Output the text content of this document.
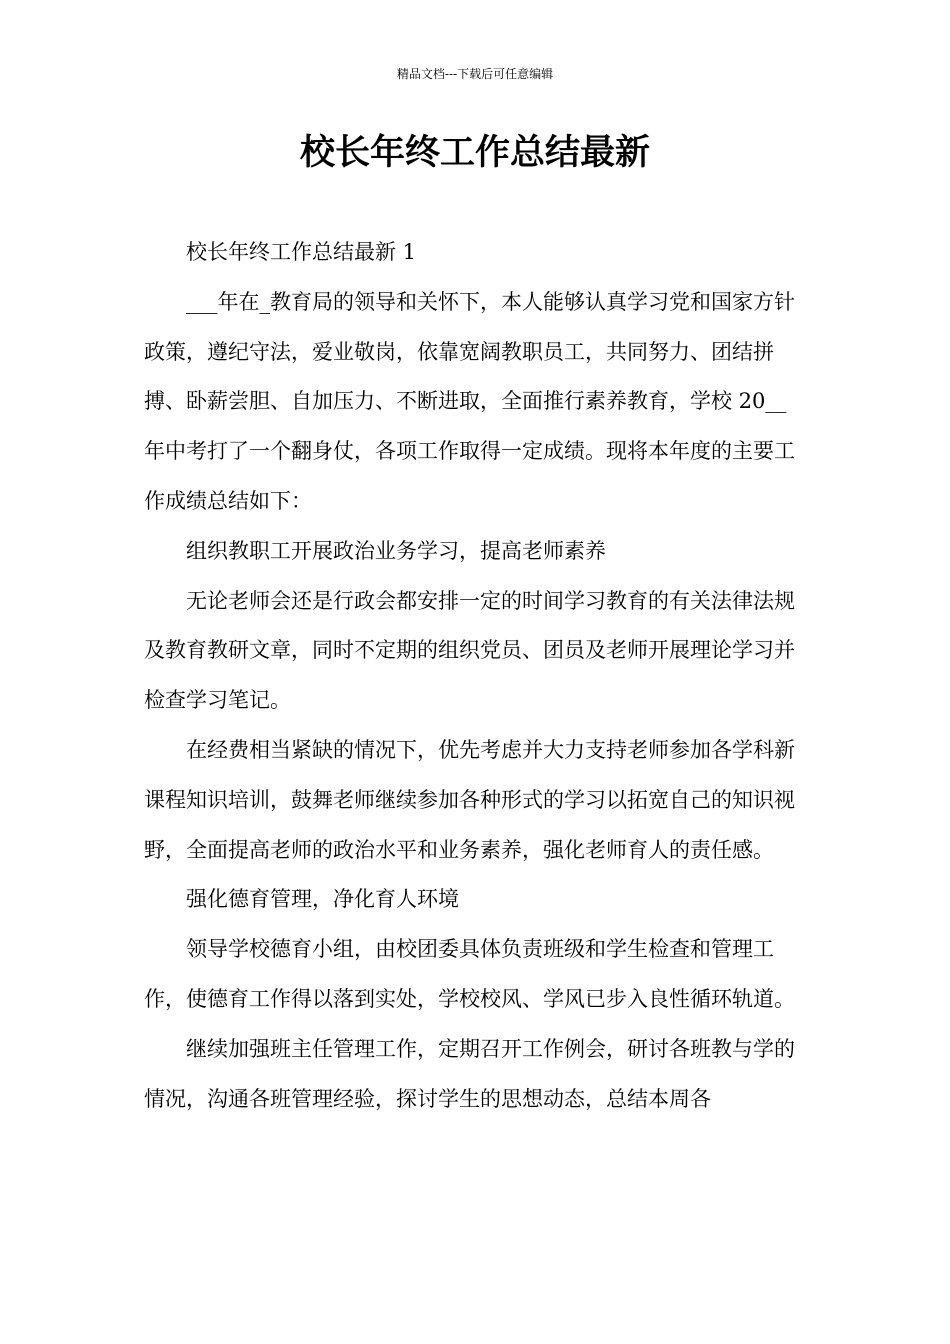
精品文档---下载后可任意编辑
校长年终工作总结最新

校长年终工作总结最新 1

___年在_教育局的领导和关怀下，本人能够认真学习党和国家方针政策，遵纪守法，爱业敬岗，依靠宽阔教职员工，共同努力、团结拼搏、卧薪尝胆、自加压力、不断进取，全面推行素养教育，学校 20__年中考打了一个翻身仗，各项工作取得一定成绩。现将本年度的主要工作成绩总结如下：

组织教职工开展政治业务学习，提高老师素养

无论老师会还是行政会都安排一定的时间学习教育的有关法律法规及教育教研文章，同时不定期的组织党员、团员及老师开展理论学习并检查学习笔记。

在经费相当紧缺的情况下，优先考虑并大力支持老师参加各学科新课程知识培训，鼓舞老师继续参加各种形式的学习以拓宽自己的知识视野，全面提高老师的政治水平和业务素养，强化老师育人的责任感。

强化德育管理，净化育人环境

领导学校德育小组，由校团委具体负责班级和学生检查和管理工作，使德育工作得以落到实处，学校校风、学风已步入良性循环轨道。

继续加强班主任管理工作，定期召开工作例会，研讨各班教与学的情况，沟通各班管理经验，探讨学生的思想动态，总结本周各
